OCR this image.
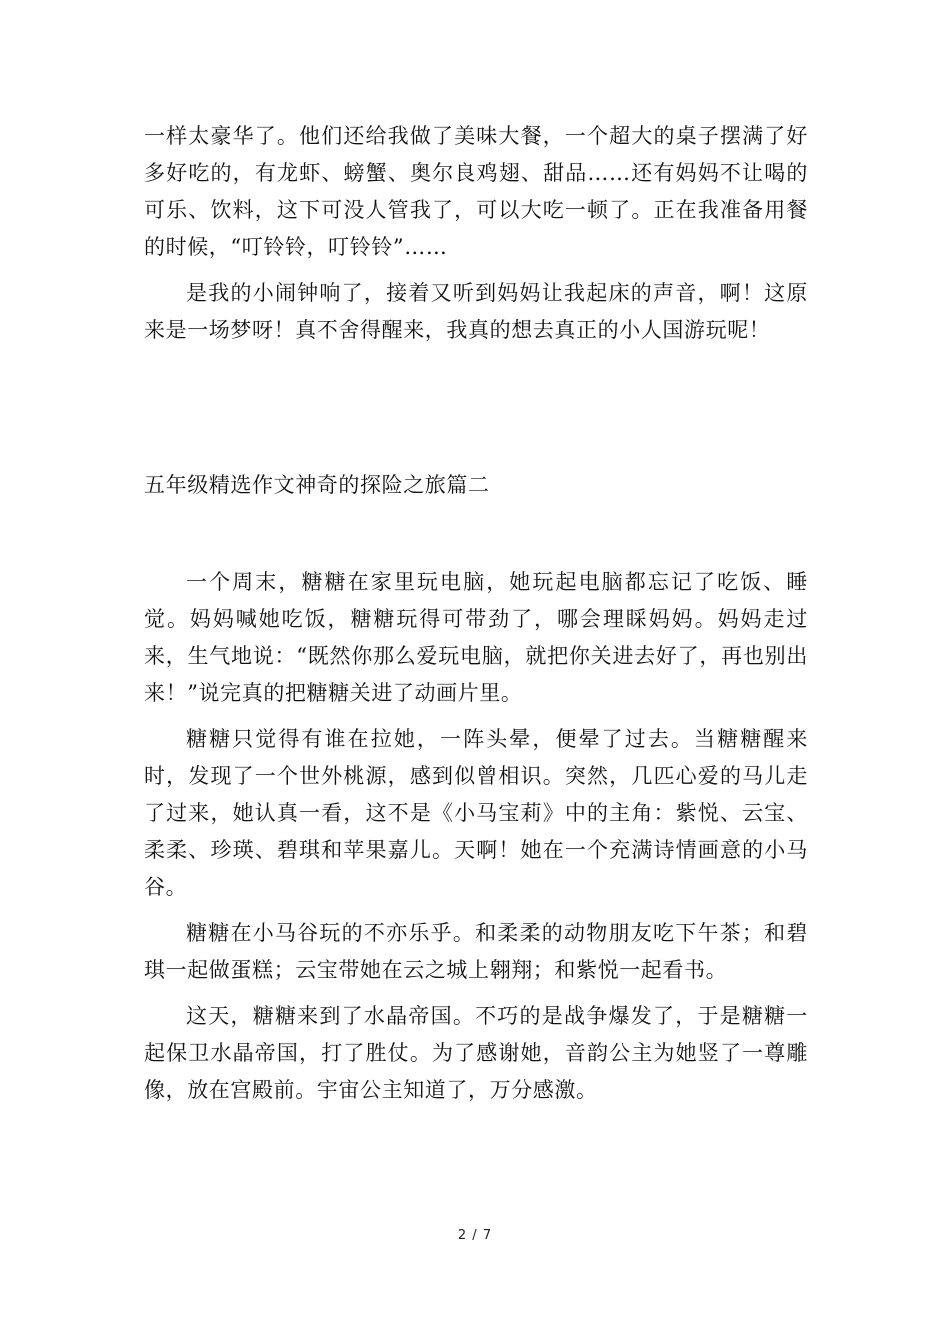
一样太豪华了。他们还给我做了美味大餐，一个超大的桌子摆满了好多好吃的，有龙虾、螃蟹、奥尔良鸡翅、甜品……还有妈妈不让喝的可乐、饮料，这下可没人管我了，可以大吃一顿了。正在我准备用餐的时候，“叮铃铃，叮铃铃”……

是我的小闹钟响了，接着又听到妈妈让我起床的声音，啊！这原来是一场梦呀！真不舍得醒来，我真的想去真正的小人国游玩呢！

五年级精选作文神奇的探险之旅篇二

一个周末，糖糖在家里玩电脑，她玩起电脑都忘记了吃饭、睡觉。妈妈喊她吃饭，糖糖玩得可带劲了，哪会理睬妈妈。妈妈走过来，生气地说：“既然你那么爱玩电脑，就把你关进去好了，再也别出来！”说完真的把糖糖关进了动画片里。

糖糖只觉得有谁在拉她，一阵头晕，便晕了过去。当糖糖醒来时，发现了一个世外桃源，感到似曾相识。突然，几匹心爱的马儿走了过来，她认真一看，这不是《小马宝莉》中的主角：紫悦、云宝、柔柔、珍瑛、碧琪和苹果嘉儿。天啊！她在一个充满诗情画意的小马谷。

糖糖在小马谷玩的不亦乐乎。和柔柔的动物朋友吃下午茶；和碧琪一起做蛋糕；云宝带她在云之城上翱翔；和紫悦一起看书。

这天，糖糖来到了水晶帝国。不巧的是战争爆发了，于是糖糖一起保卫水晶帝国，打了胜仗。为了感谢她，音韵公主为她竖了一尊雕像，放在宫殿前。宇宙公主知道了，万分感激。

2 / 7
